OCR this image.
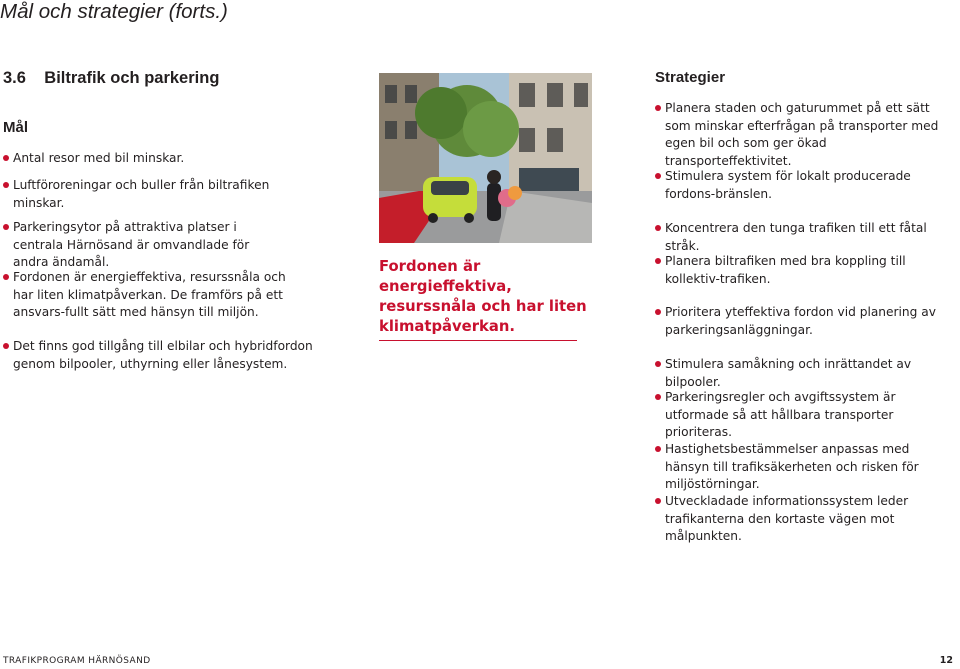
Mål och strategier (forts.)
3.6    Biltrafik och parkering
Mål
Antal resor med bil minskar.
Luftföroreningar och buller från biltrafiken minskar.
Parkeringsytor på attraktiva platser i centrala Härnösand är omvandlade för andra ändamål.
Fordonen är energieffektiva, resurssnåla och har liten klimatpåverkan. De framförs på ett ansvars-fullt sätt med hänsyn till miljön.
Det finns god tillgång till elbilar och hybridfordon genom bilpooler, uthyrning eller lånesystem.
Fordonen är energieffektiva, resurssnåla och har liten klimatpåverkan.
Strategier
Planera staden och gaturummet på ett sätt som minskar efterfrågan på transporter med egen bil och som ger ökad transporteffektivitet.
Stimulera system för lokalt producerade fordons-bränslen.
Koncentrera den tunga trafiken till ett fåtal stråk.
Planera biltrafiken med bra koppling till kollektiv-trafiken.
Prioritera yteffektiva fordon vid planering av parkeringsanläggningar.
Stimulera samåkning och inrättandet av bilpooler.
Parkeringsregler och avgiftssystem är utformade så att hållbara transporter prioriteras.
Hastighetsbestämmelser anpassas med hänsyn till trafiksäkerheten och risken för miljöstörningar.
Utveckladade informationssystem leder trafikanterna den kortaste vägen mot målpunkten.
TRAFIKPROGRAM HÄRNÖSAND	12
